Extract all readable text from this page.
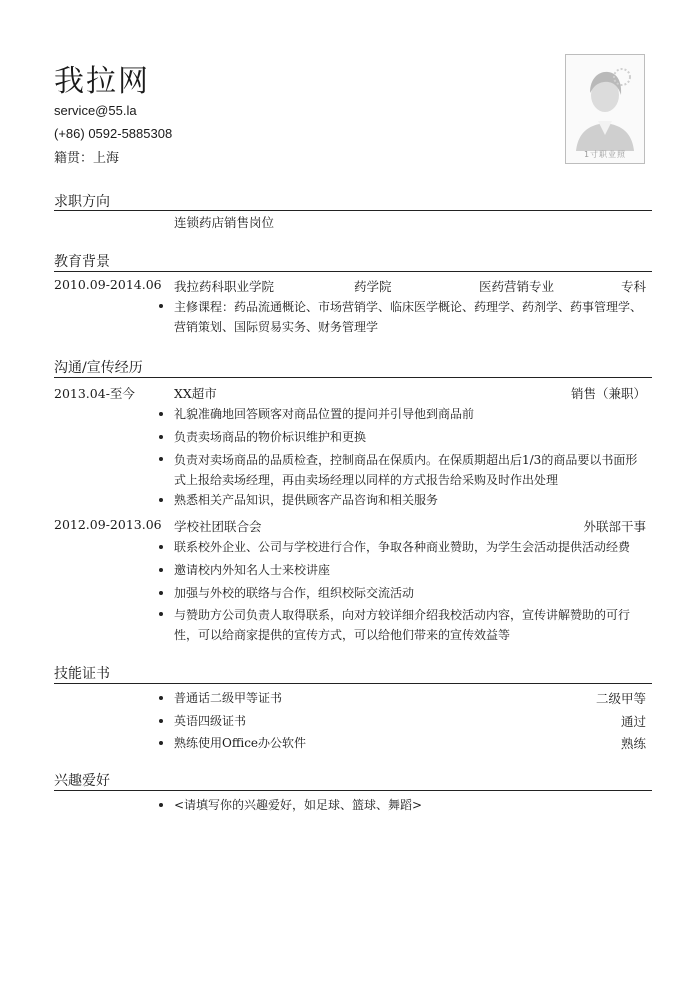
我拉网
service@55.la
(+86) 0592-5885308
籍贯：上海	1寸职业照
求职方向
连锁药店销售岗位
教育背景
2010.09-2014.06 我拉药科职业学院	药学院	医药营销专业	专科
主修课程：药品流通概论、市场营销学、临床医学概论、药理学、药剂学、药事管理学、营销策划、国际贸易实务、财务管理学
沟通/宣传经历
2013.04-至今	XX超市	销售（兼职）
礼貌准确地回答顾客对商品位置的提问并引导他到商品前
负责卖场商品的物价标识维护和更换
负责对卖场商品的品质检查，控制商品在保质内。在保质期超出后1/3的商品要以书面形式上报给卖场经理，再由卖场经理以同样的方式报告给采购及时作出处理
熟悉相关产品知识，提供顾客产品咨询和相关服务
2012.09-2013.06 学校社团联合会	外联部干事
联系校外企业、公司与学校进行合作，争取各种商业赞助，为学生会活动提供活动经费
邀请校内外知名人士来校讲座
加强与外校的联络与合作，组织校际交流活动
与赞助方公司负责人取得联系，向对方较详细介绍我校活动内容，宣传讲解赞助的可行性，可以给商家提供的宣传方式，可以给他们带来的宣传效益等
技能证书
普通话二级甲等证书	二级甲等
英语四级证书	通过
熟练使用Office办公软件	熟练
兴趣爱好
<请填写你的兴趣爱好，如足球、篮球、舞蹈>
